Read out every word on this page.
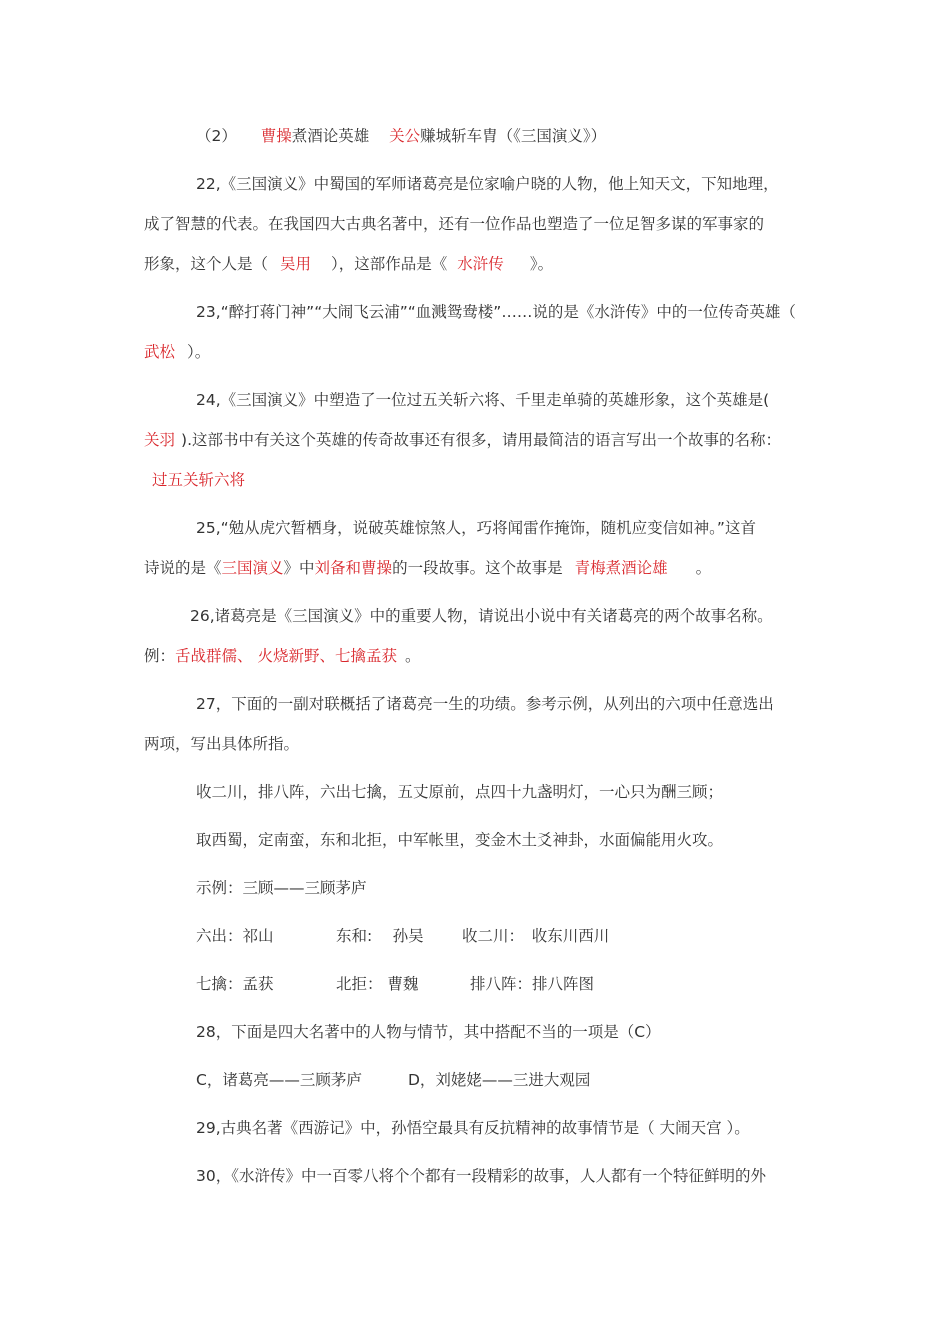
（2） 曹操煮酒论英雄 关公赚城斩车胄（《三国演义》）
22,《三国演义》中蜀国的军师诸葛亮是位家喻户晓的人物，他上知天文，下知地理，
成了智慧的代表。在我国四大古典名著中，还有一位作品也塑造了一位足智多谋的军事家的
形象，这个人是（ 吴用 ），这部作品是《 水浒传 》。
23,“醉打蒋门神”“大闹飞云浦”“血溅鸳鸯楼”……说的是《水浒传》中的一位传奇英雄（
武松 ）。
24,《三国演义》中塑造了一位过五关斩六将、千里走单骑的英雄形象，这个英雄是(
关羽 ).这部书中有关这个英雄的传奇故事还有很多，请用最简洁的语言写出一个故事的名称：
过五关斩六将
25,“勉从虎穴暂栖身，说破英雄惊煞人，巧将闻雷作掩饰，随机应变信如神。”这首
诗说的是《三国演义》中刘备和曹操的一段故事。这个故事是 青梅煮酒论雄 。
26,诸葛亮是《三国演义》中的重要人物，请说出小说中有关诸葛亮的两个故事名称。
例：舌战群儒、 火烧新野、七擒孟获 。
27，下面的一副对联概括了诸葛亮一生的功绩。参考示例，从列出的六项中任意选出
两项，写出具体所指。
收二川，排八阵，六出七擒，五丈原前，点四十九盏明灯，一心只为酬三顾；
取西蜀，定南蛮，东和北拒，中军帐里，变金木土爻神卦，水面偏能用火攻。
示例：三顾——三顾茅庐
六出：祁山	东和:　 孙吴 收二川：　收东川西川
七擒：孟获	北拒： 曹魏	排八阵：排八阵图
28，下面是四大名著中的人物与情节，其中搭配不当的一项是（C）
C，诸葛亮——三顾茅庐	D，刘姥姥——三进大观园
29,古典名著《西游记》中，孙悟空最具有反抗精神的故事情节是（ 大闹天宫 ）。
30，《水浒传》中一百零八将个个都有一段精彩的故事，人人都有一个特征鲜明的外
